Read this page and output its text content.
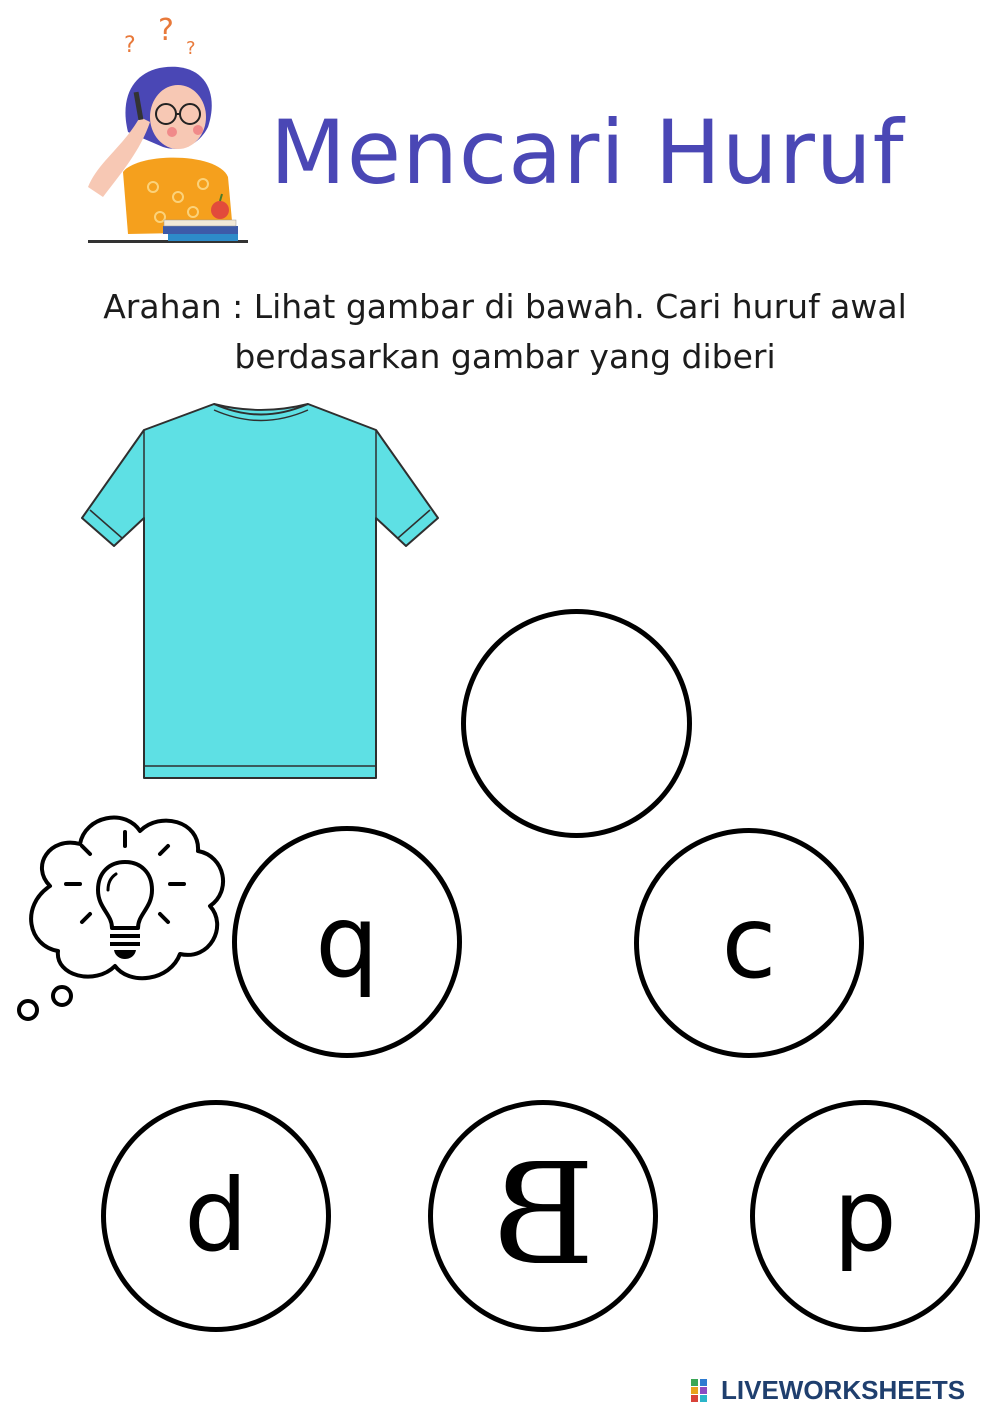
? ?
?
Mencari Huruf
Arahan : Lihat gambar di bawah. Cari huruf awal
berdasarkan gambar yang diberi
q	c
d B p
LIVEWORKSHEETS
